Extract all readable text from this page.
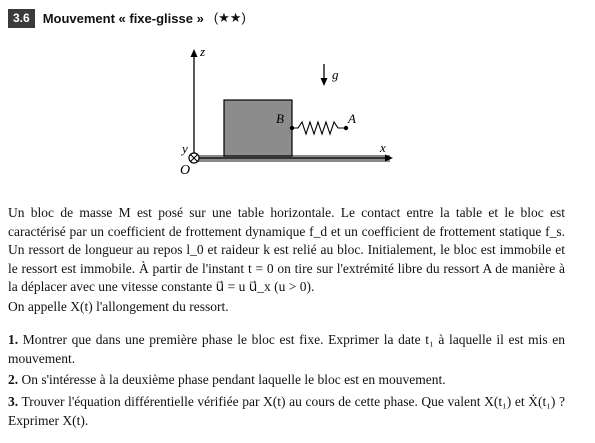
3.6	Mouvement « fixe-glisse » (★★)
z
x
y
O
g⃗
B	A
Un bloc de masse M est posé sur une table horizontale. Le contact entre la table et le bloc est caractérisé par un coefficient de frottement dynamique f_d et un coefficient de frottement statique f_s. Un ressort de longueur au repos l_0 et raideur k est relié au bloc. Initialement, le bloc est immobile et le ressort est immobile. À partir de l'instant t = 0 on tire sur l'extrémité libre du ressort A de manière à la déplacer avec une vitesse constante u⃗ = u u⃗_x (u > 0).
On appelle X(t) l'allongement du ressort.
1. Montrer que dans une première phase le bloc est fixe. Exprimer la date t₁ à laquelle il est mis en mouvement.
2. On s'intéresse à la deuxième phase pendant laquelle le bloc est en mouvement.
3. Trouver l'équation différentielle vérifiée par X(t) au cours de cette phase. Que valent X(t₁) et Ẋ(t₁) ? Exprimer X(t).
